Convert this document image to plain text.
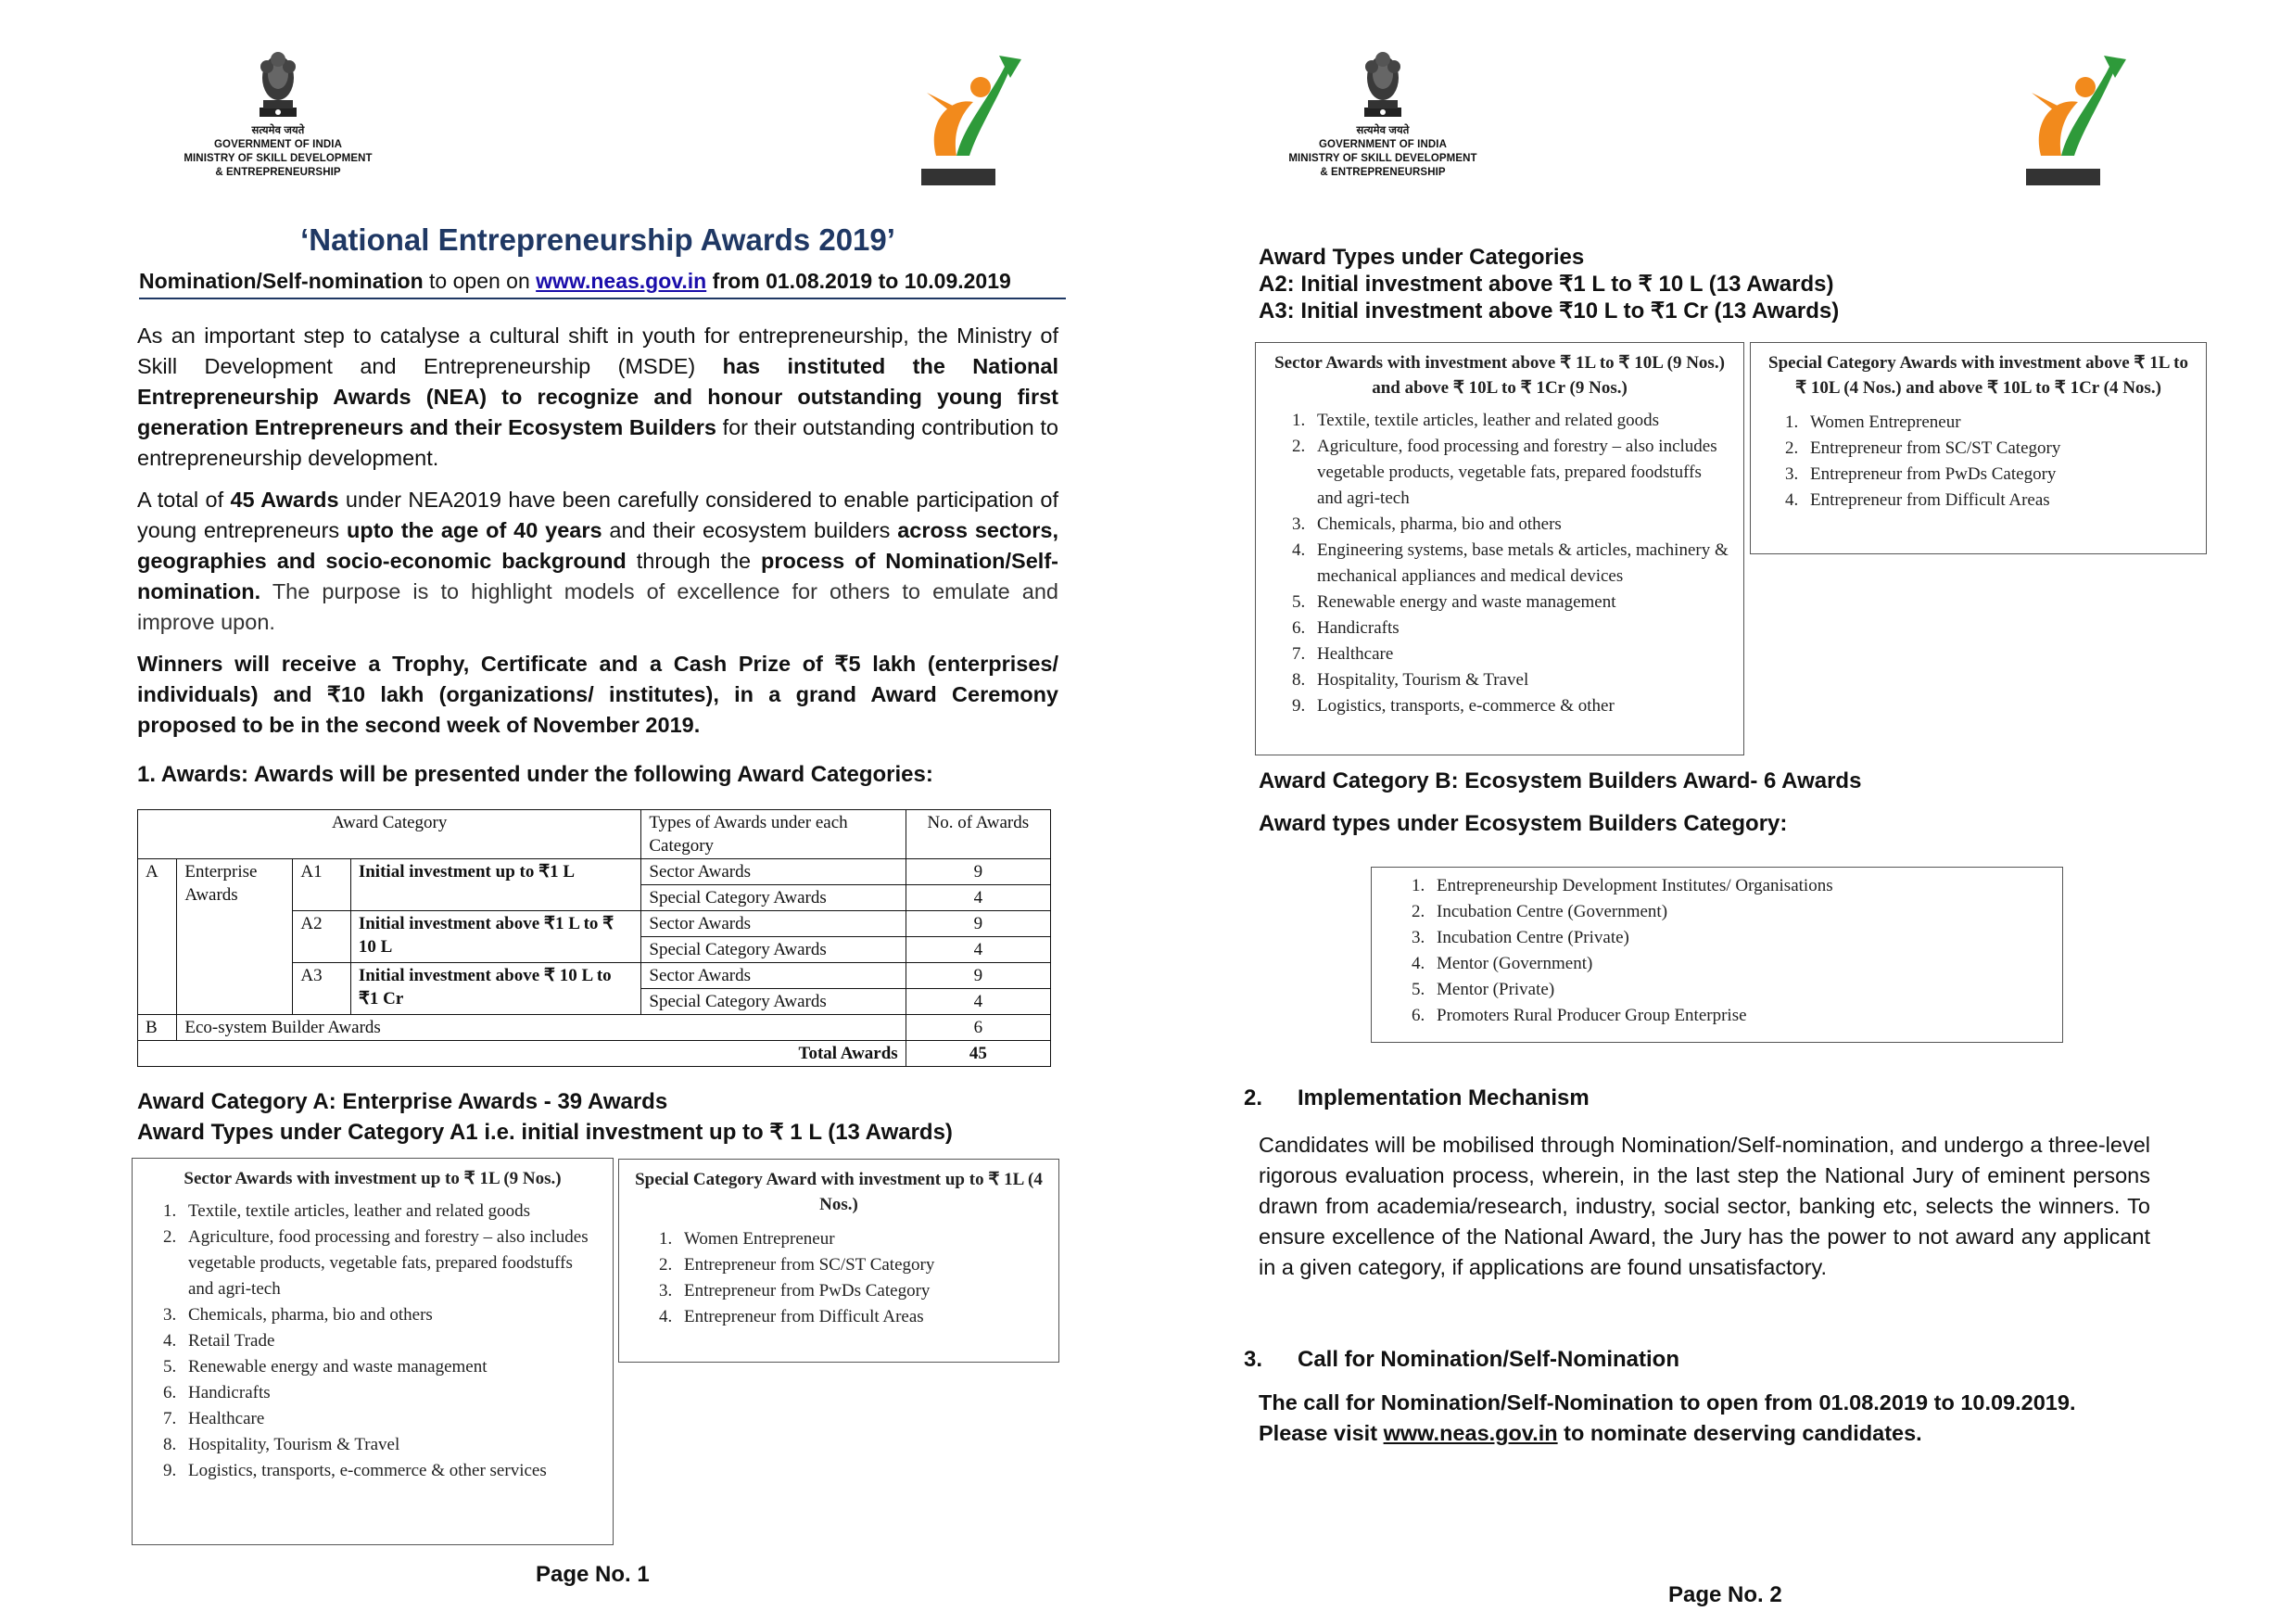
सत्यमेव जयते
GOVERNMENT OF INDIA
MINISTRY OF SKILL DEVELOPMENT
& ENTREPRENEURSHIP
‘National Entrepreneurship Awards 2019’
Nomination/Self-nomination to open on www.neas.gov.in from 01.08.2019 to 10.09.2019

As an important step to catalyse a cultural shift in youth for entrepreneurship, the Ministry of Skill Development and Entrepreneurship (MSDE) has instituted the National Entrepreneurship Awards (NEA) to recognize and honour outstanding young first generation Entrepreneurs and their Ecosystem Builders for their outstanding contribution to entrepreneurship development.

A total of 45 Awards under NEA2019 have been carefully considered to enable participation of young entrepreneurs upto the age of 40 years and their ecosystem builders across sectors, geographies and socio-economic background through the process of Nomination/Self-nomination. The purpose is to highlight models of excellence for others to emulate and improve upon.

Winners will receive a Trophy, Certificate and a Cash Prize of ₹5 lakh (enterprises/ individuals) and ₹10 lakh (organizations/ institutes), in a grand Award Ceremony proposed to be in the second week of November 2019.

1. Awards: Awards will be presented under the following Award Categories:
Award Category				Types of Awards under each Category	No. of Awards
A	Enterprise Awards	A1	Initial investment up to ₹1 L	Sector Awards	9
				Special Category Awards	4
		A2	Initial investment above ₹1 L to ₹ 10 L	Sector Awards	9
				Special Category Awards	4
		A3	Initial investment above ₹ 10 L to ₹1 Cr	Sector Awards	9
				Special Category Awards	4
B	Eco-system Builder Awards				6
Total Awards					45
Award Category A: Enterprise Awards - 39 Awards
Award Types under Category A1 i.e. initial investment up to ₹ 1 L (13 Awards)
Sector Awards with investment up to ₹ 1L (9 Nos.)
1. Textile, textile articles, leather and related goods
2. Agriculture, food processing and forestry – also includes vegetable products, vegetable fats, prepared foodstuffs and agri-tech
3. Chemicals, pharma, bio and others
4. Retail Trade
5. Renewable energy and waste management
6. Handicrafts
7. Healthcare
8. Hospitality, Tourism & Travel
9. Logistics, transports, e-commerce & other services
Special Category Award with investment up to ₹ 1L (4 Nos.)
1. Women Entrepreneur
2. Entrepreneur from SC/ST Category
3. Entrepreneur from PwDs Category
4. Entrepreneur from Difficult Areas
Page No. 1
सत्यमेव जयते
GOVERNMENT OF INDIA
MINISTRY OF SKILL DEVELOPMENT
& ENTREPRENEURSHIP
Award Types under Categories
A2: Initial investment above ₹1 L to ₹ 10 L (13 Awards)
A3: Initial investment above ₹10 L to ₹1 Cr (13 Awards)
Sector Awards with investment above ₹ 1L to ₹ 10L (9 Nos.) and above ₹ 10L to ₹ 1Cr (9 Nos.)
1. Textile, textile articles, leather and related goods
2. Agriculture, food processing and forestry – also includes vegetable products, vegetable fats, prepared foodstuffs and agri-tech
3. Chemicals, pharma, bio and others
4. Engineering systems, base metals & articles, machinery & mechanical appliances and medical devices
5. Renewable energy and waste management
6. Handicrafts
7. Healthcare
8. Hospitality, Tourism & Travel
9. Logistics, transports, e-commerce & other
Special Category Awards with investment above ₹ 1L to ₹ 10L (4 Nos.) and above ₹ 10L to ₹ 1Cr (4 Nos.)
1. Women Entrepreneur
2. Entrepreneur from SC/ST Category
3. Entrepreneur from PwDs Category
4. Entrepreneur from Difficult Areas
Award Category B: Ecosystem Builders Award- 6 Awards
Award types under Ecosystem Builders Category:
1. Entrepreneurship Development Institutes/ Organisations
2. Incubation Centre (Government)
3. Incubation Centre (Private)
4. Mentor (Government)
5. Mentor (Private)
6. Promoters Rural Producer Group Enterprise
2. Implementation Mechanism

Candidates will be mobilised through Nomination/Self-nomination, and undergo a three-level rigorous evaluation process, wherein, in the last step the National Jury of eminent persons drawn from academia/research, industry, social sector, banking etc, selects the winners. To ensure excellence of the National Award, the Jury has the power to not award any applicant in a given category, if applications are found unsatisfactory.

3. Call for Nomination/Self-Nomination
The call for Nomination/Self-Nomination to open from 01.08.2019 to 10.09.2019.
Please visit www.neas.gov.in to nominate deserving candidates.
Page No. 2
